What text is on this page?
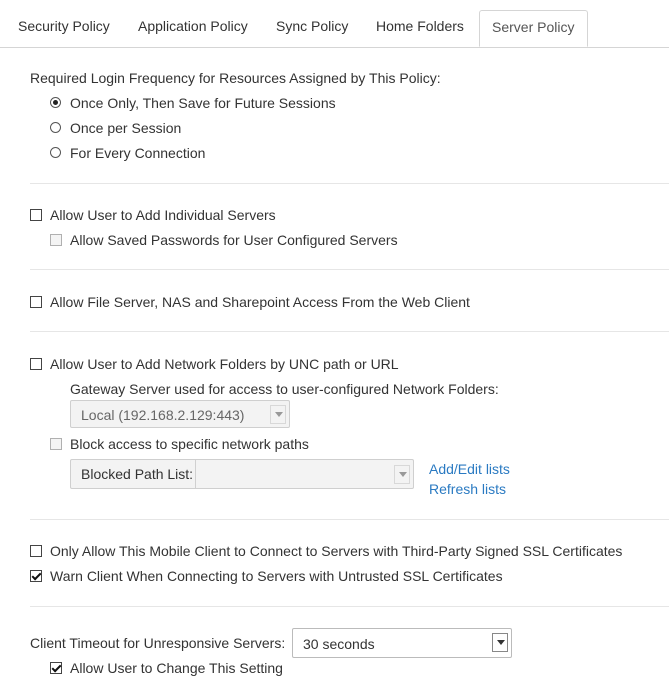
Security Policy Application Policy Sync Policy Home Folders	Server Policy
Required Login Frequency for Resources Assigned by This Policy:
Once Only, Then Save for Future Sessions
Once per Session
For Every Connection
Allow User to Add Individual Servers
Allow Saved Passwords for User Configured Servers
Allow File Server, NAS and Sharepoint Access From the Web Client
Allow User to Add Network Folders by UNC path or URL
Gateway Server used for access to user-configured Network Folders:
Local (192.168.2.129:443)
Block access to specific network paths
Blocked Path List:	Add/Edit lists
Refresh lists
Only Allow This Mobile Client to Connect to Servers with Third-Party Signed SSL Certificates
Warn Client When Connecting to Servers with Untrusted SSL Certificates
Client Timeout for Unresponsive Servers: 30 seconds
Allow User to Change This Setting
